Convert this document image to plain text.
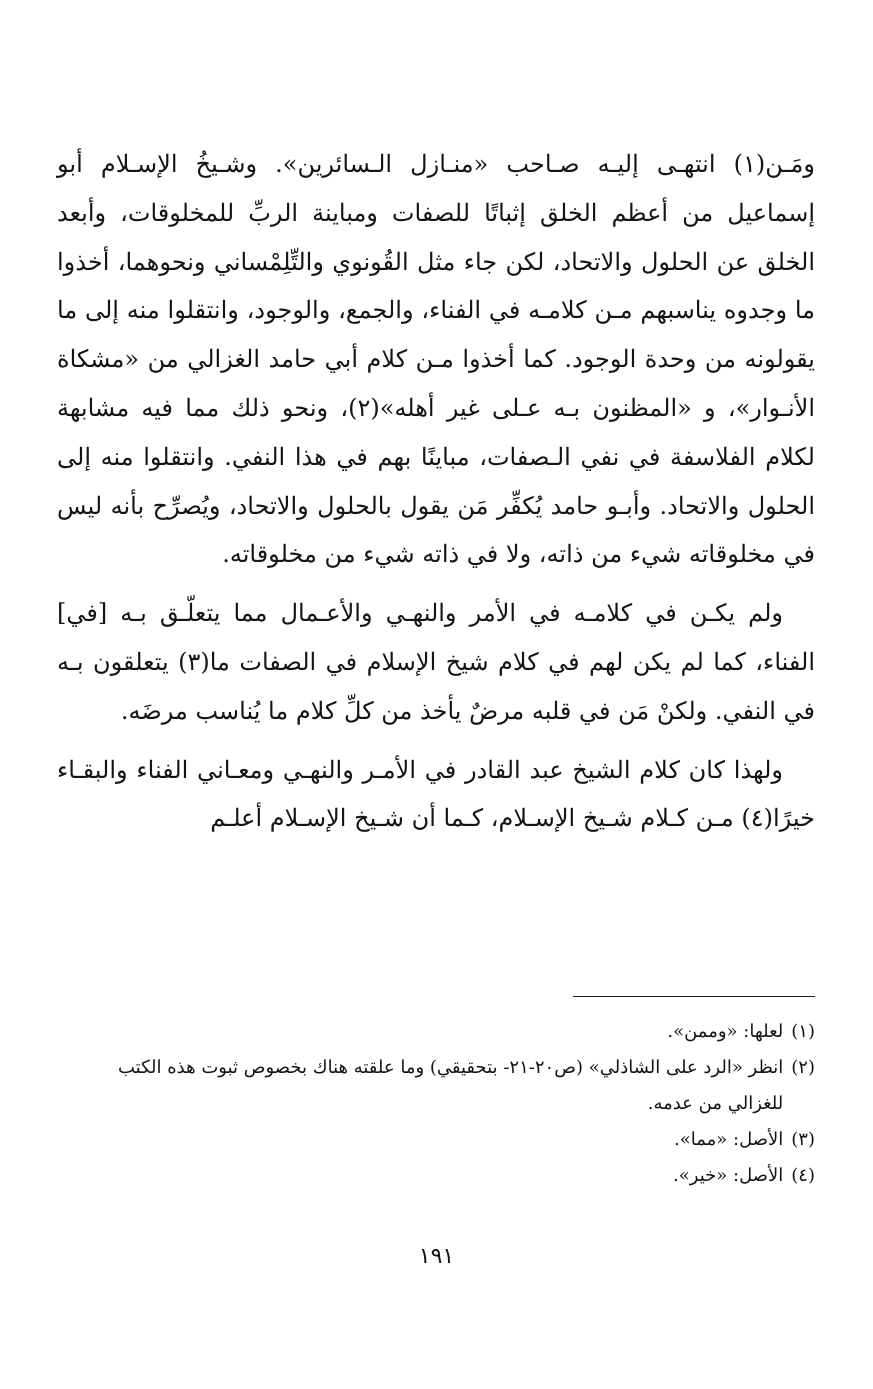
ومَـن(١) انتهـى إليـه صـاحب «منـازل الـسائرين». وشـيخُ الإسـلام أبو إسماعيل من أعظم الخلق إثباتًا للصفات ومباينة الربِّ للمخلوقات، وأبعد الخلق عن الحلول والاتحاد، لكن جاء مثل القُونوي والتِّلِمْساني ونحوهما، أخذوا ما وجدوه يناسبهم مـن كلامـه في الفناء، والجمع، والوجود، وانتقلوا منه إلى ما يقولونه من وحدة الوجود. كما أخذوا مـن كلام أبي حامد الغزالي من «مشكاة الأنـوار»، و «المظنون بـه عـلى غير أهله»(٢)، ونحو ذلك مما فيه مشابهة لكلام الفلاسفة في نفي الـصفات، مباينًا بهم في هذا النفي. وانتقلوا منه إلى الحلول والاتحاد. وأبـو حامد يُكفِّر مَن يقول بالحلول والاتحاد، ويُصرِّح بأنه ليس في مخلوقاته شيء من ذاته، ولا في ذاته شيء من مخلوقاته.

ولم يكـن في كلامـه في الأمر والنهـي والأعـمال مما يتعلّـق بـه [في] الفناء، كما لم يكن لهم في كلام شيخ الإسلام في الصفات ما(٣) يتعلقون بـه في النفي. ولكنْ مَن في قلبه مرضٌ يأخذ من كلِّ كلام ما يُناسب مرضَه.

ولهذا كان كلام الشيخ عبد القادر في الأمـر والنهـي ومعـاني الفناء والبقـاء خيرًا(٤) مـن كـلام شـيخ الإسـلام، كـما أن شـيخ الإسـلام أعلـم

(١)
لعلها: «وممن».
(٢)
انظر «الرد على الشاذلي» (ص٢٠-٢١- بتحقيقي) وما علقته هناك بخصوص ثبوت هذه الكتب للغزالي من عدمه.
(٣)
الأصل: «مما».
(٤)
الأصل: «خير».
١٩١
